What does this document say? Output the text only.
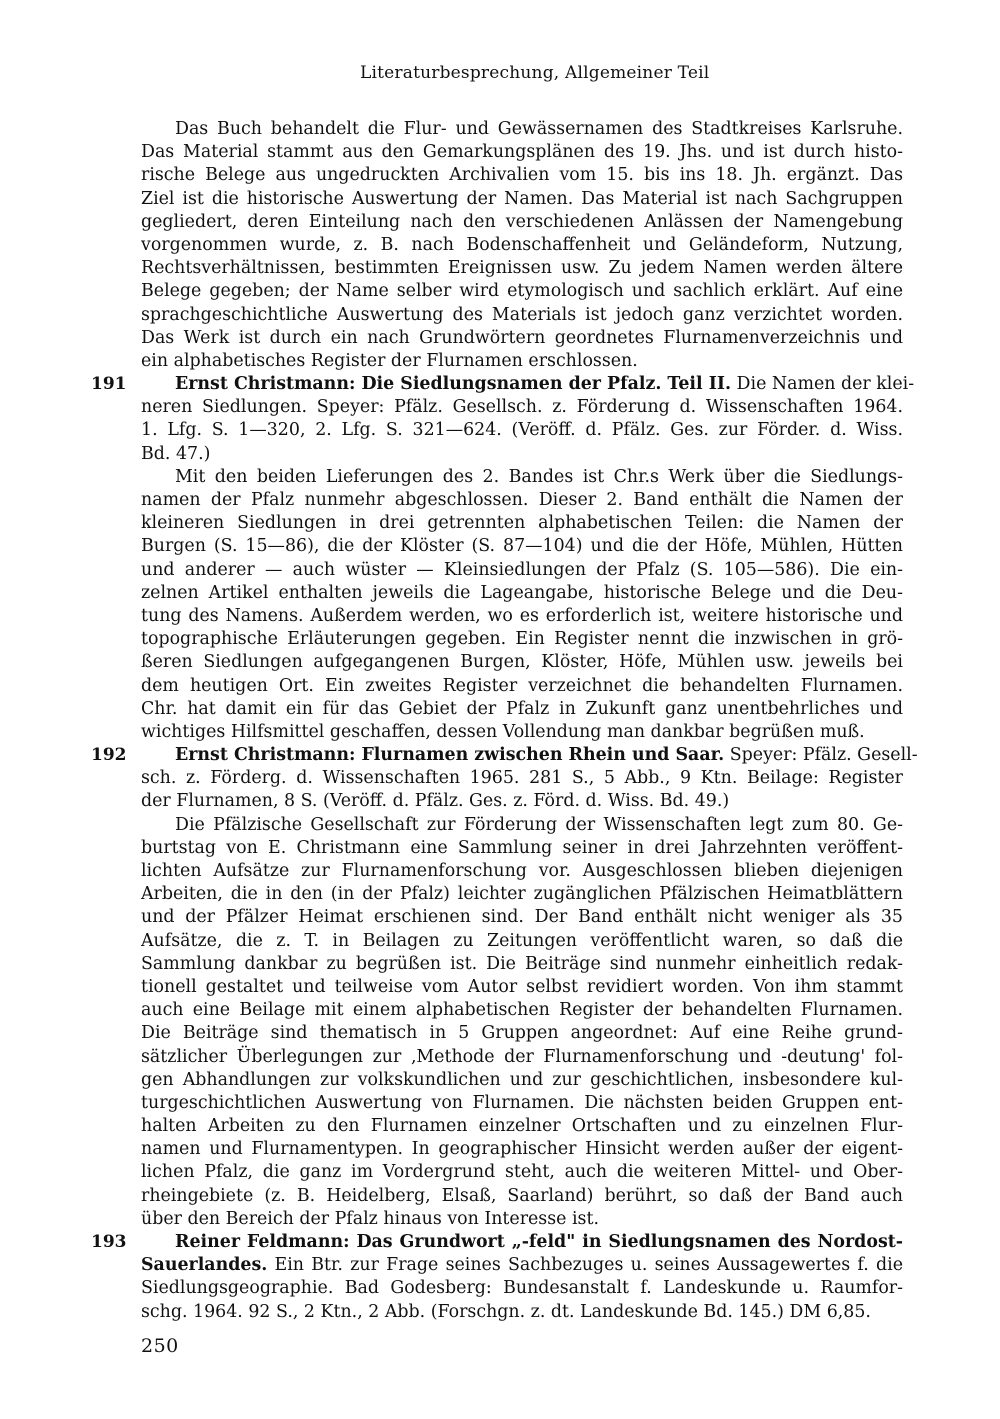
Literaturbesprechung, Allgemeiner Teil
Das Buch behandelt die Flur- und Gewässernamen des Stadtkreises Karlsruhe.
Das Material stammt aus den Gemarkungsplänen des 19. Jhs. und ist durch histo-
rische Belege aus ungedruckten Archivalien vom 15. bis ins 18. Jh. ergänzt. Das
Ziel ist die historische Auswertung der Namen. Das Material ist nach Sachgruppen
gegliedert, deren Einteilung nach den verschiedenen Anlässen der Namengebung
vorgenommen wurde, z. B. nach Bodenschaffenheit und Geländeform, Nutzung,
Rechtsverhältnissen, bestimmten Ereignissen usw. Zu jedem Namen werden ältere
Belege gegeben; der Name selber wird etymologisch und sachlich erklärt. Auf eine
sprachgeschichtliche Auswertung des Materials ist jedoch ganz verzichtet worden.
Das Werk ist durch ein nach Grundwörtern geordnetes Flurnamenverzeichnis und
ein alphabetisches Register der Flurnamen erschlossen.
191	Ernst Christmann: Die Siedlungsnamen der Pfalz. Teil II. Die Namen der klei-
neren Siedlungen. Speyer: Pfälz. Gesellsch. z. Förderung d. Wissenschaften 1964.
1. Lfg. S. 1—320, 2. Lfg. S. 321—624. (Veröff. d. Pfälz. Ges. zur Förder. d. Wiss.
Bd. 47.)
Mit den beiden Lieferungen des 2. Bandes ist Chr.s Werk über die Siedlungs-
namen der Pfalz nunmehr abgeschlossen. Dieser 2. Band enthält die Namen der
kleineren Siedlungen in drei getrennten alphabetischen Teilen: die Namen der
Burgen (S. 15—86), die der Klöster (S. 87—104) und die der Höfe, Mühlen, Hütten
und anderer — auch wüster — Kleinsiedlungen der Pfalz (S. 105—586). Die ein-
zelnen Artikel enthalten jeweils die Lageangabe, historische Belege und die Deu-
tung des Namens. Außerdem werden, wo es erforderlich ist, weitere historische und
topographische Erläuterungen gegeben. Ein Register nennt die inzwischen in grö-
ßeren Siedlungen aufgegangenen Burgen, Klöster, Höfe, Mühlen usw. jeweils bei
dem heutigen Ort. Ein zweites Register verzeichnet die behandelten Flurnamen.
Chr. hat damit ein für das Gebiet der Pfalz in Zukunft ganz unentbehrliches und
wichtiges Hilfsmittel geschaffen, dessen Vollendung man dankbar begrüßen muß.
192	Ernst Christmann: Flurnamen zwischen Rhein und Saar. Speyer: Pfälz. Gesell-
sch. z. Förderg. d. Wissenschaften 1965. 281 S., 5 Abb., 9 Ktn. Beilage: Register
der Flurnamen, 8 S. (Veröff. d. Pfälz. Ges. z. Förd. d. Wiss. Bd. 49.)
Die Pfälzische Gesellschaft zur Förderung der Wissenschaften legt zum 80. Ge-
burtstag von E. Christmann eine Sammlung seiner in drei Jahrzehnten veröffent-
lichten Aufsätze zur Flurnamenforschung vor. Ausgeschlossen blieben diejenigen
Arbeiten, die in den (in der Pfalz) leichter zugänglichen Pfälzischen Heimatblättern
und der Pfälzer Heimat erschienen sind. Der Band enthält nicht weniger als 35
Aufsätze, die z. T. in Beilagen zu Zeitungen veröffentlicht waren, so daß die
Sammlung dankbar zu begrüßen ist. Die Beiträge sind nunmehr einheitlich redak-
tionell gestaltet und teilweise vom Autor selbst revidiert worden. Von ihm stammt
auch eine Beilage mit einem alphabetischen Register der behandelten Flurnamen.
Die Beiträge sind thematisch in 5 Gruppen angeordnet: Auf eine Reihe grund-
sätzlicher Überlegungen zur ‚Methode der Flurnamenforschung und -deutung' fol-
gen Abhandlungen zur volkskundlichen und zur geschichtlichen, insbesondere kul-
turgeschichtlichen Auswertung von Flurnamen. Die nächsten beiden Gruppen ent-
halten Arbeiten zu den Flurnamen einzelner Ortschaften und zu einzelnen Flur-
namen und Flurnamentypen. In geographischer Hinsicht werden außer der eigent-
lichen Pfalz, die ganz im Vordergrund steht, auch die weiteren Mittel- und Ober-
rheingebiete (z. B. Heidelberg, Elsaß, Saarland) berührt, so daß der Band auch
über den Bereich der Pfalz hinaus von Interesse ist.
193	Reiner Feldmann: Das Grundwort „-feld" in Siedlungsnamen des Nordost-
Sauerlandes. Ein Btr. zur Frage seines Sachbezuges u. seines Aussagewertes f. die
Siedlungsgeographie. Bad Godesberg: Bundesanstalt f. Landeskunde u. Raumfor-
schg. 1964. 92 S., 2 Ktn., 2 Abb. (Forschgn. z. dt. Landeskunde Bd. 145.) DM 6,85.
250
